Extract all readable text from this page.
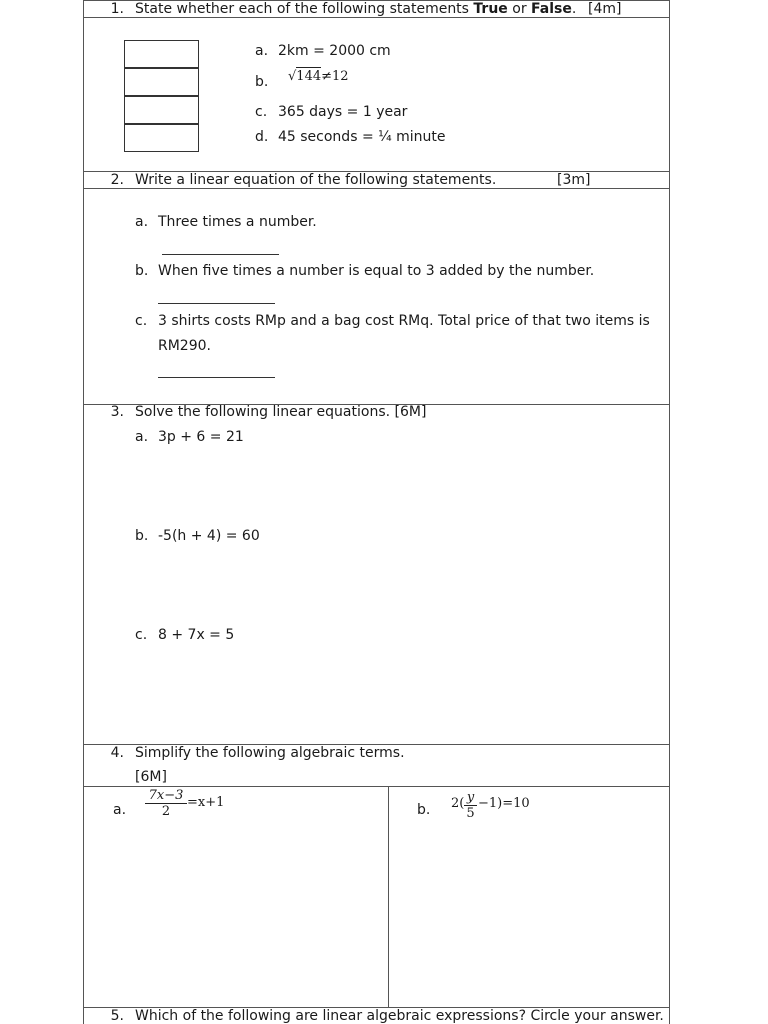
1. State whether each of the following statements True or False. [4m]
a. 2km = 2000 cm
b. √144≠12
c. 365 days = 1 year
d. 45 seconds = ¼ minute
2. Write a linear equation of the following statements.	[3m]
a. Three times a number.
b. When five times a number is equal to 3 added by the number.
c. 3 shirts costs RMp and a bag cost RMq. Total price of that two items is
RM290.
3. Solve the following linear equations. [6M]
a. 3p + 6 = 21
b. -5(h + 4) = 60
c. 8 + 7x = 5
4. Simplify the following algebraic terms.
[6M]
a. $\frac{7x-3}{2} =x+1$	b. $2( \frac{y}{5} -1)=10$
5. Which of the following are linear algebraic expressions? Circle your answer.
